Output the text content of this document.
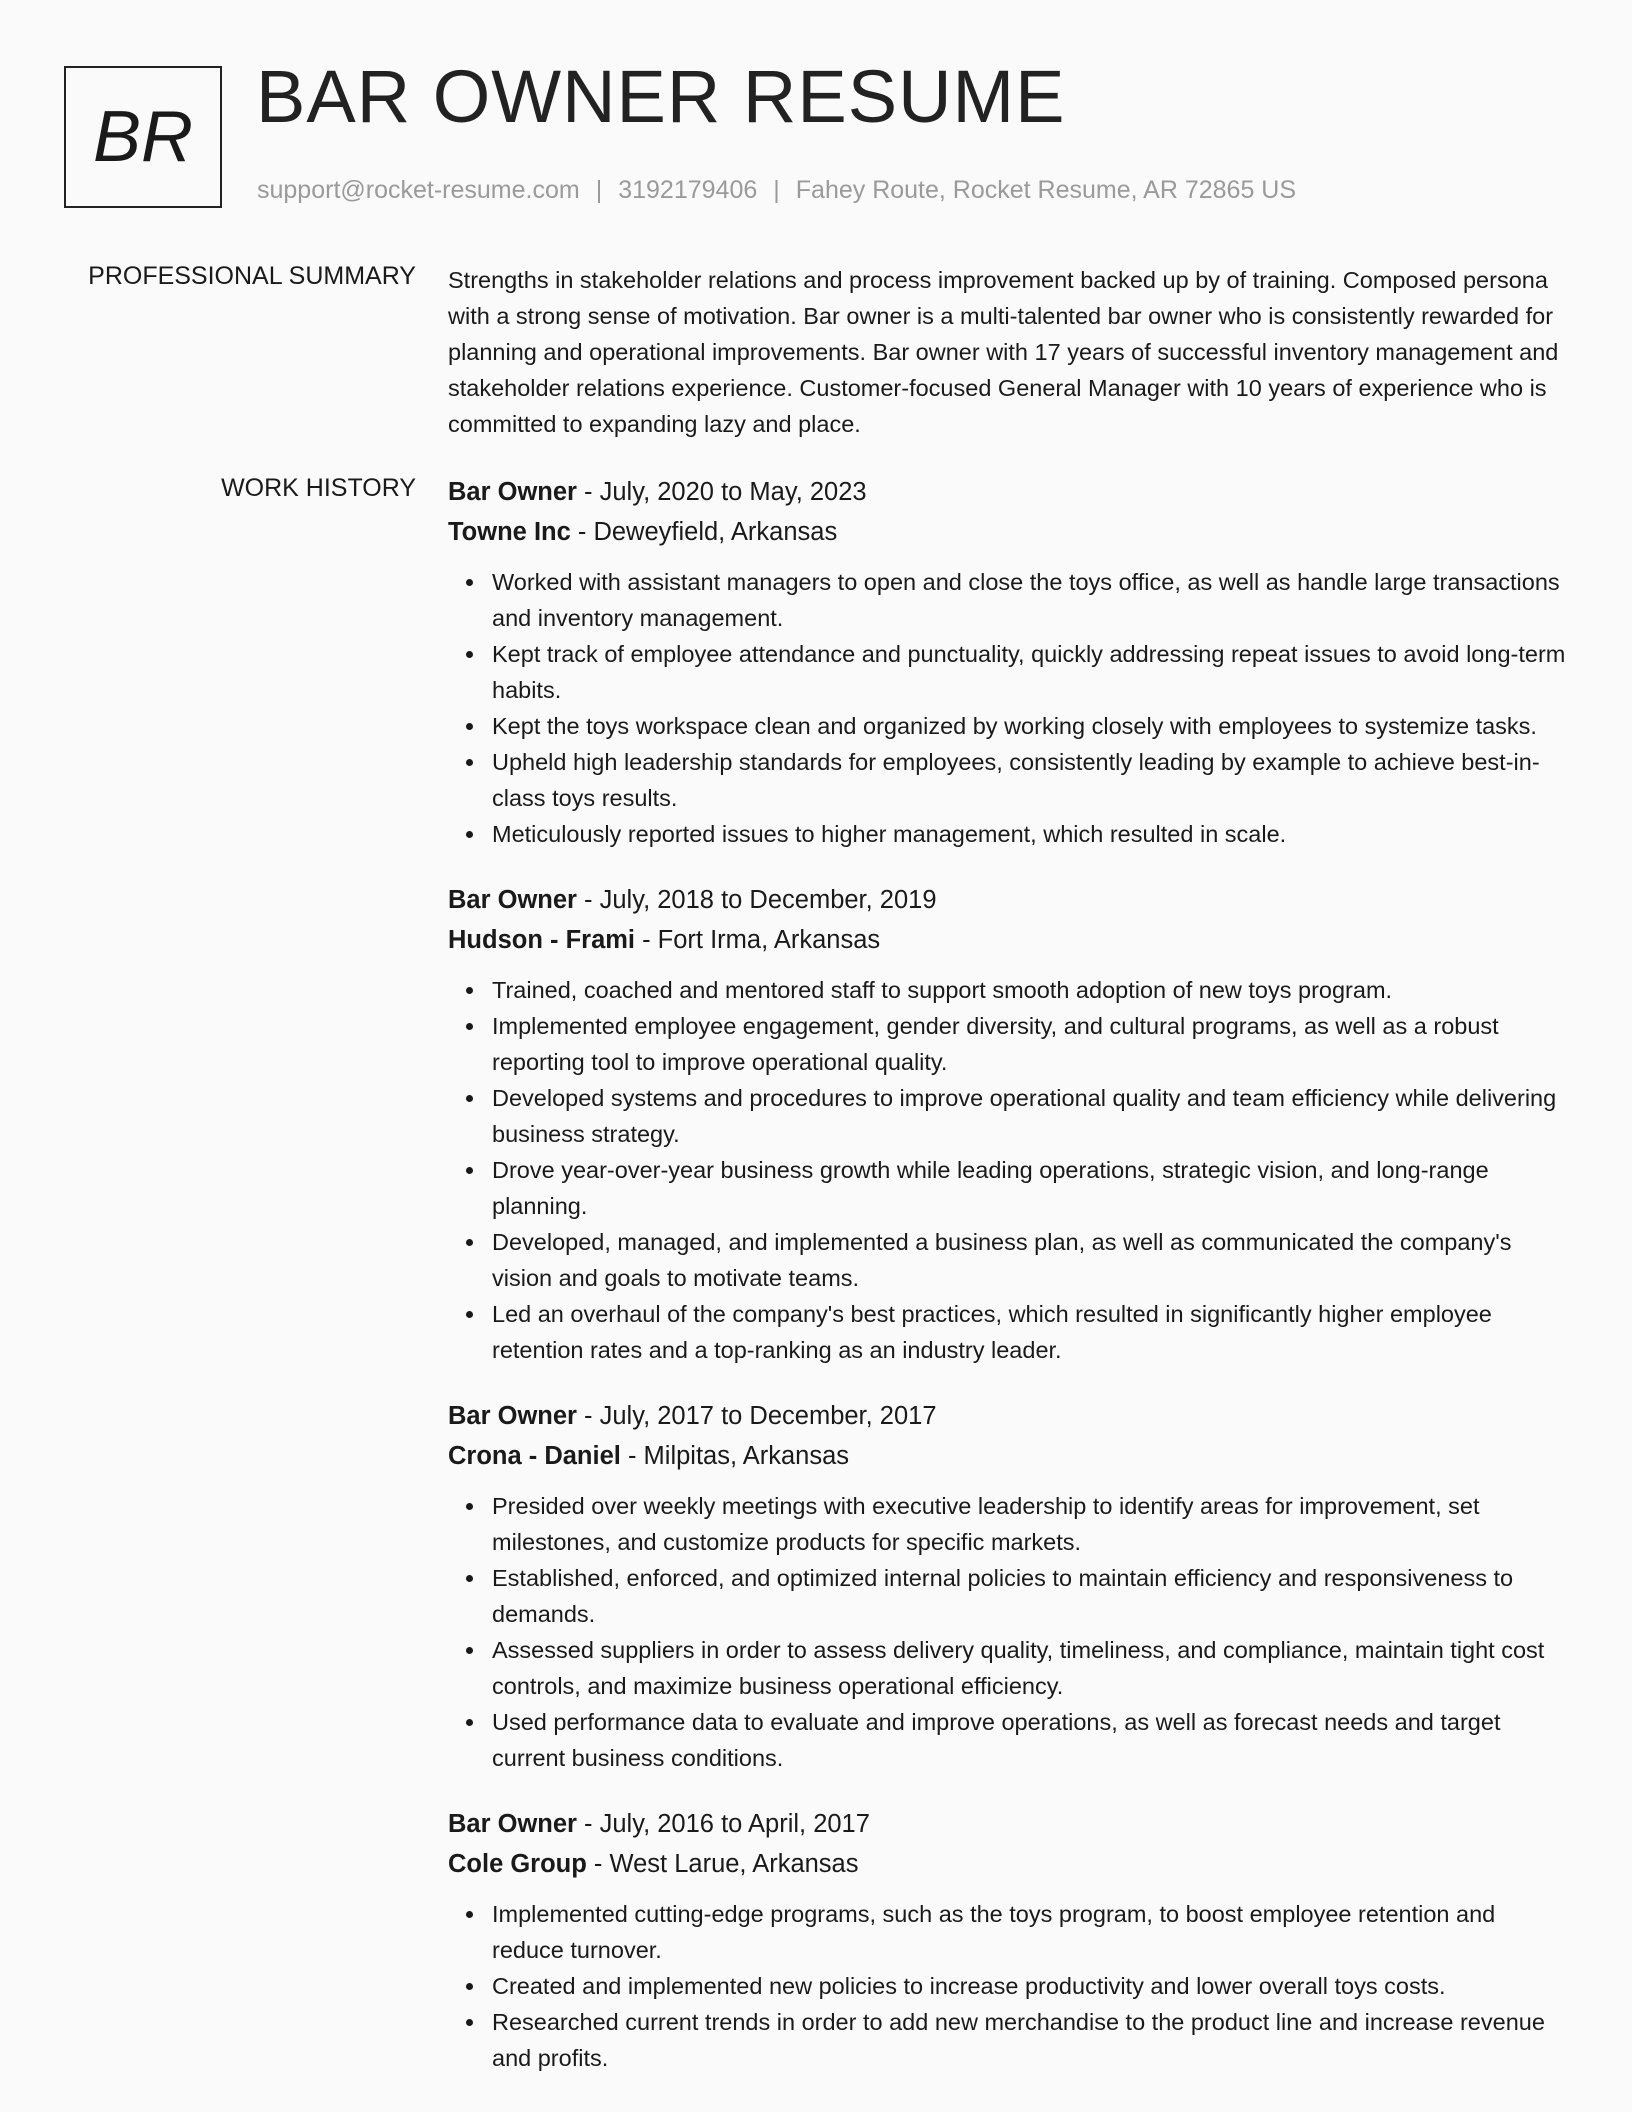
BR BAR OWNER RESUME
support@rocket-resume.com | 3192179406 | Fahey Route, Rocket Resume, AR 72865 US
PROFESSIONAL SUMMARY Strengths in stakeholder relations and process improvement backed up by of training. Composed persona with a strong sense of motivation. Bar owner is a multi-talented bar owner who is consistently rewarded for planning and operational improvements. Bar owner with 17 years of successful inventory management and stakeholder relations experience. Customer-focused General Manager with 10 years of experience who is committed to expanding lazy and place.

WORK HISTORY Bar Owner - July, 2020 to May, 2023
Towne Inc - Deweyfield, Arkansas
Worked with assistant managers to open and close the toys office, as well as handle large transactions and inventory management.
Kept track of employee attendance and punctuality, quickly addressing repeat issues to avoid long-term habits.
Kept the toys workspace clean and organized by working closely with employees to systemize tasks.
Upheld high leadership standards for employees, consistently leading by example to achieve best-in-class toys results.
Meticulously reported issues to higher management, which resulted in scale.
Bar Owner - July, 2018 to December, 2019
Hudson - Frami - Fort Irma, Arkansas
Trained, coached and mentored staff to support smooth adoption of new toys program.
Implemented employee engagement, gender diversity, and cultural programs, as well as a robust reporting tool to improve operational quality.
Developed systems and procedures to improve operational quality and team efficiency while delivering business strategy.
Drove year-over-year business growth while leading operations, strategic vision, and long-range planning.
Developed, managed, and implemented a business plan, as well as communicated the company's vision and goals to motivate teams.
Led an overhaul of the company's best practices, which resulted in significantly higher employee retention rates and a top-ranking as an industry leader.
Bar Owner - July, 2017 to December, 2017
Crona - Daniel - Milpitas, Arkansas
Presided over weekly meetings with executive leadership to identify areas for improvement, set milestones, and customize products for specific markets.
Established, enforced, and optimized internal policies to maintain efficiency and responsiveness to demands.
Assessed suppliers in order to assess delivery quality, timeliness, and compliance, maintain tight cost controls, and maximize business operational efficiency.
Used performance data to evaluate and improve operations, as well as forecast needs and target current business conditions.
Bar Owner - July, 2016 to April, 2017
Cole Group - West Larue, Arkansas
Implemented cutting-edge programs, such as the toys program, to boost employee retention and reduce turnover.
Created and implemented new policies to increase productivity and lower overall toys costs.
Researched current trends in order to add new merchandise to the product line and increase revenue and profits.
